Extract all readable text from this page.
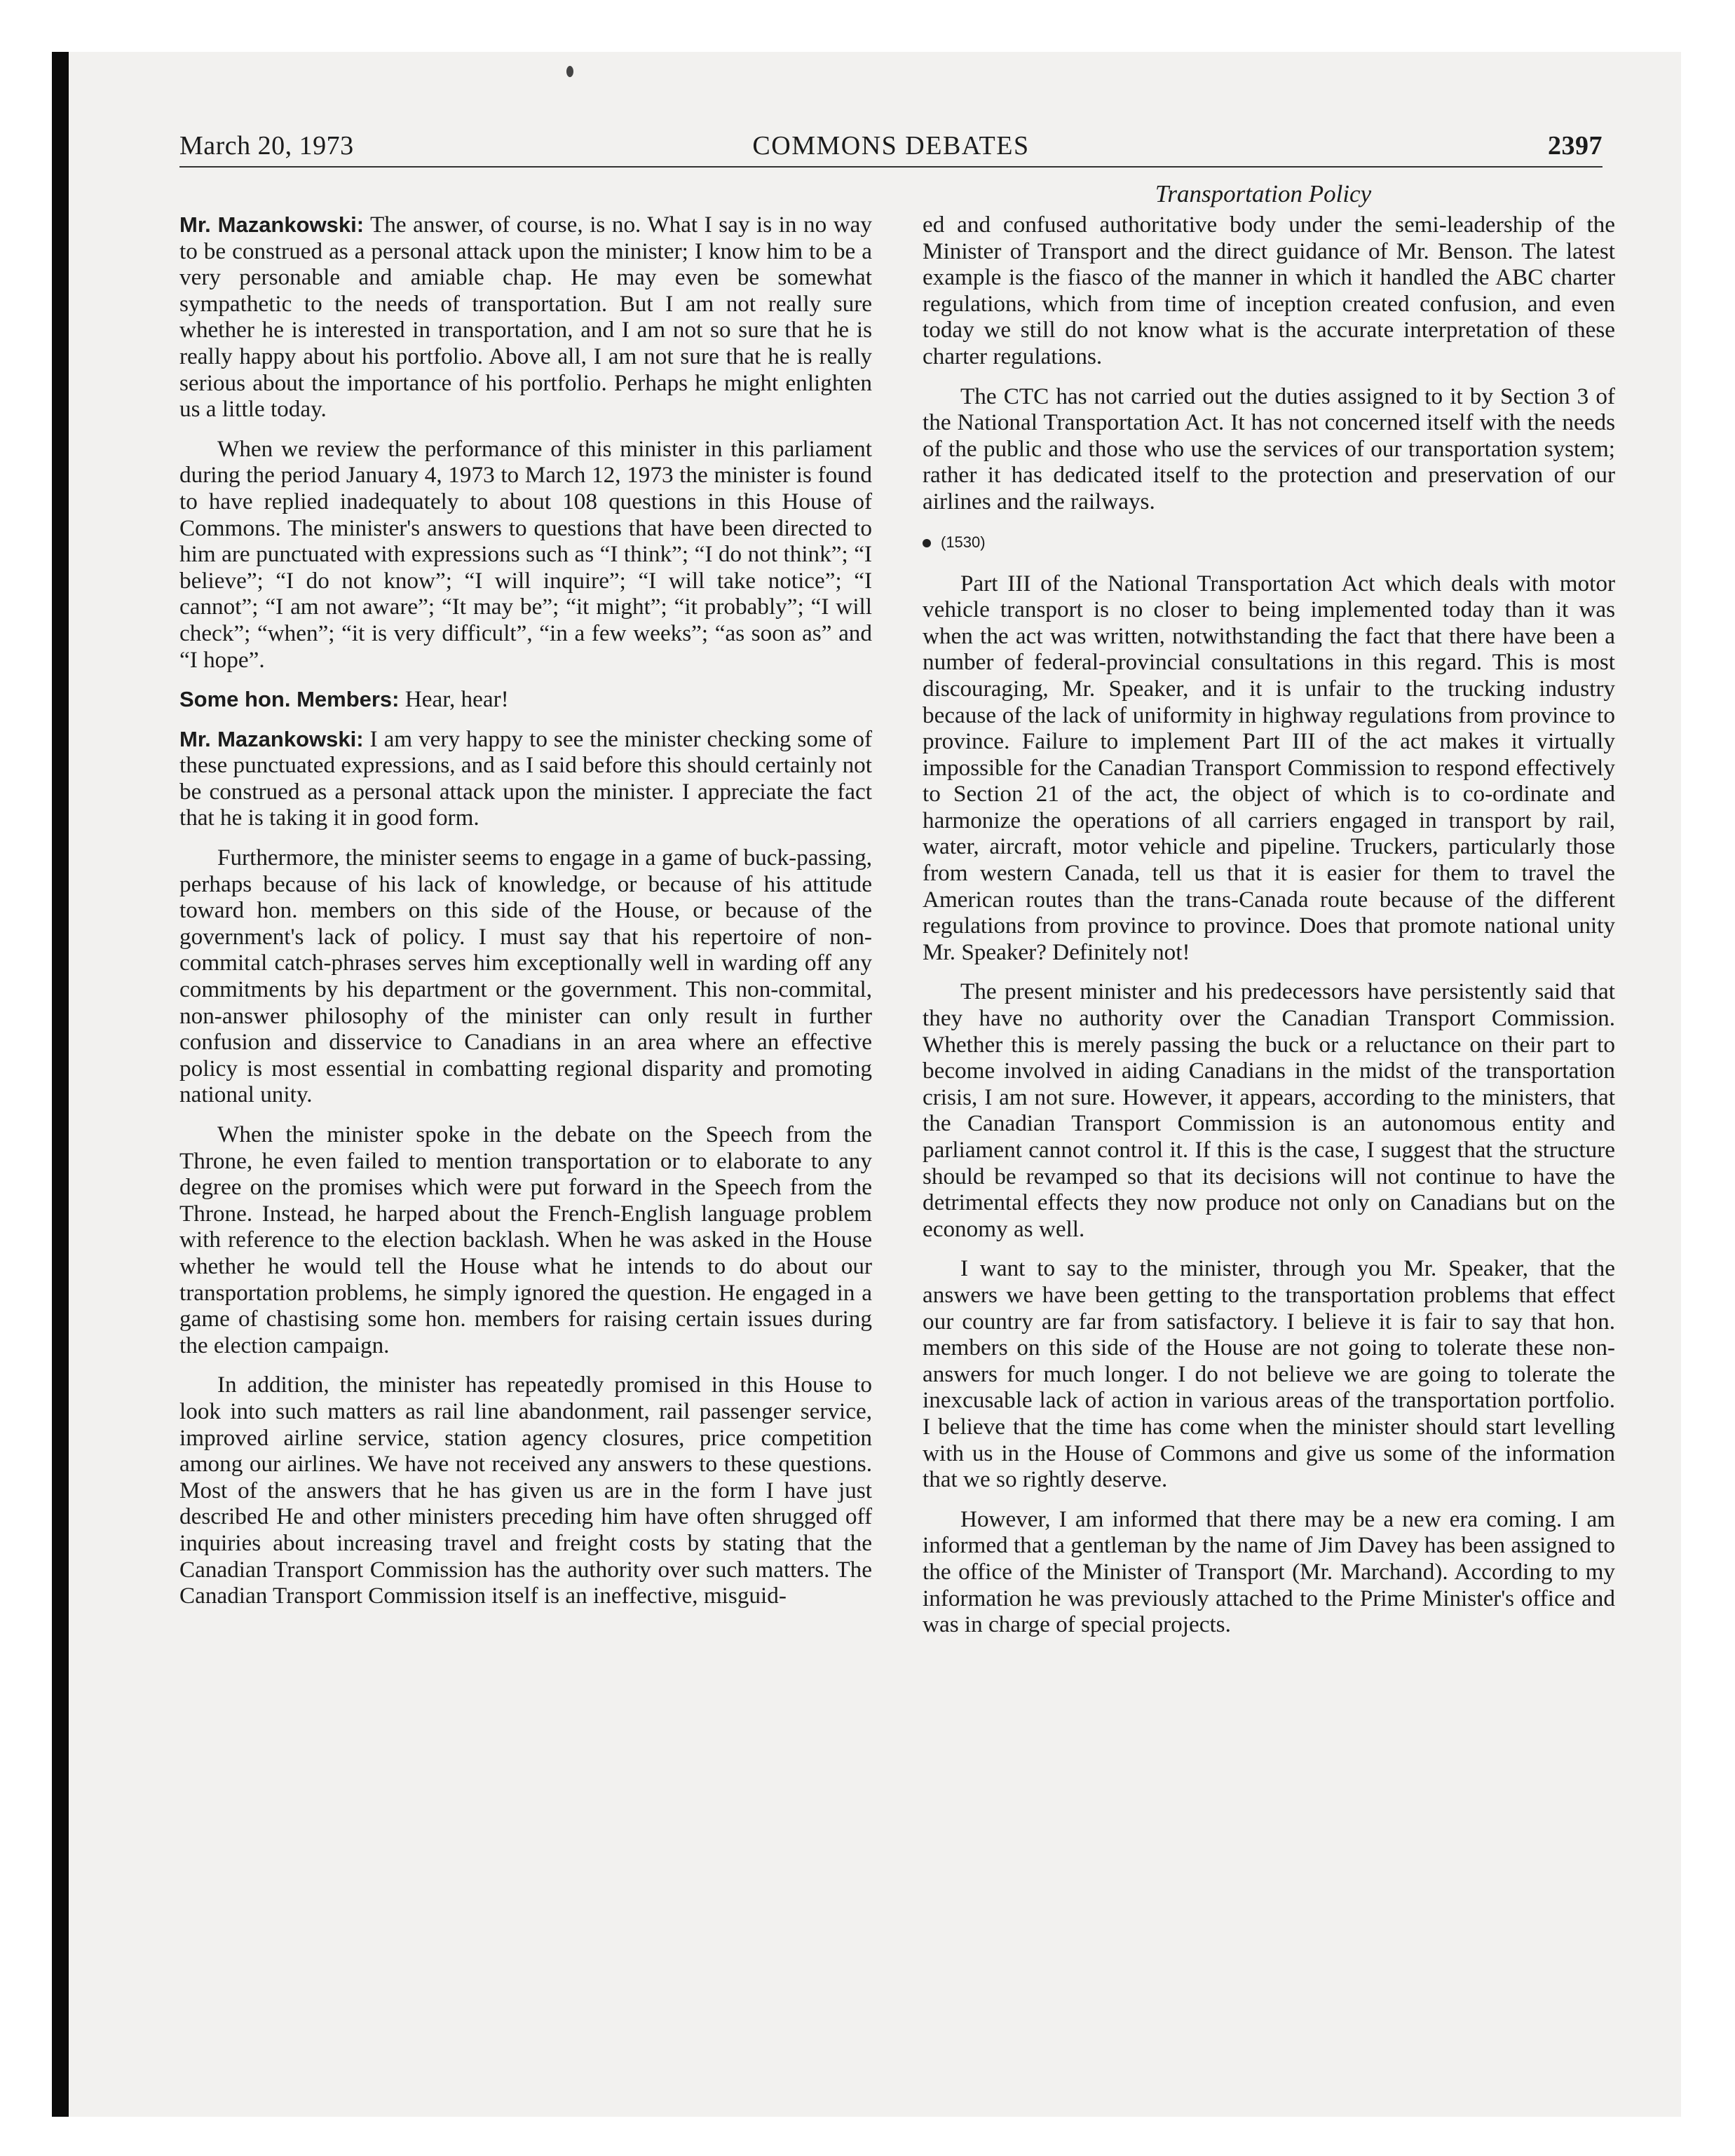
March 20, 1973	COMMONS DEBATES	2397
Transportation Policy

Mr. Mazankowski: The answer, of course, is no. What I say is in no way to be construed as a personal attack upon the minister; I know him to be a very personable and amiable chap. He may even be somewhat sympathetic to the needs of transportation. But I am not really sure whether he is interested in transportation, and I am not so sure that he is really happy about his portfolio. Above all, I am not sure that he is really serious about the importance of his portfolio. Perhaps he might enlighten us a little today.

When we review the performance of this minister in this parliament during the period January 4, 1973 to March 12, 1973 the minister is found to have replied inadequately to about 108 questions in this House of Commons. The minister's answers to questions that have been directed to him are punctuated with expressions such as “I think”; “I do not think”; “I believe”; “I do not know”; “I will inquire”; “I will take notice”; “I cannot”; “I am not aware”; “It may be”; “it might”; “it probably”; “I will check”; “when”; “it is very difficult”, “in a few weeks”; “as soon as” and “I hope”.

Some hon. Members: Hear, hear!

Mr. Mazankowski: I am very happy to see the minister checking some of these punctuated expressions, and as I said before this should certainly not be construed as a personal attack upon the minister. I appreciate the fact that he is taking it in good form.

Furthermore, the minister seems to engage in a game of buck-passing, perhaps because of his lack of knowledge, or because of his attitude toward hon. members on this side of the House, or because of the government's lack of policy. I must say that his repertoire of non-commital catch-phrases serves him exceptionally well in warding off any commitments by his department or the government. This non-commital, non-answer philosophy of the minister can only result in further confusion and disservice to Canadians in an area where an effective policy is most essential in combatting regional disparity and promoting national unity.

When the minister spoke in the debate on the Speech from the Throne, he even failed to mention transportation or to elaborate to any degree on the promises which were put forward in the Speech from the Throne. Instead, he harped about the French-English language problem with reference to the election backlash. When he was asked in the House whether he would tell the House what he intends to do about our transportation problems, he simply ignored the question. He engaged in a game of chastising some hon. members for raising certain issues during the election campaign.

In addition, the minister has repeatedly promised in this House to look into such matters as rail line abandonment, rail passenger service, improved airline service, station agency closures, price competition among our airlines. We have not received any answers to these questions. Most of the answers that he has given us are in the form I have just described He and other ministers preceding him have often shrugged off inquiries about increasing travel and freight costs by stating that the Canadian Transport Commission has the authority over such matters. The Canadian Transport Commission itself is an ineffective, misguid-

ed and confused authoritative body under the semi-leadership of the Minister of Transport and the direct guidance of Mr. Benson. The latest example is the fiasco of the manner in which it handled the ABC charter regulations, which from time of inception created confusion, and even today we still do not know what is the accurate interpretation of these charter regulations.

The CTC has not carried out the duties assigned to it by Section 3 of the National Transportation Act. It has not concerned itself with the needs of the public and those who use the services of our transportation system; rather it has dedicated itself to the protection and preservation of our airlines and the railways.

(1530)

Part III of the National Transportation Act which deals with motor vehicle transport is no closer to being implemented today than it was when the act was written, notwithstanding the fact that there have been a number of federal-provincial consultations in this regard. This is most discouraging, Mr. Speaker, and it is unfair to the trucking industry because of the lack of uniformity in highway regulations from province to province. Failure to implement Part III of the act makes it virtually impossible for the Canadian Transport Commission to respond effectively to Section 21 of the act, the object of which is to co-ordinate and harmonize the operations of all carriers engaged in transport by rail, water, aircraft, motor vehicle and pipeline. Truckers, particularly those from western Canada, tell us that it is easier for them to travel the American routes than the trans-Canada route because of the different regulations from province to province. Does that promote national unity Mr. Speaker? Definitely not!

The present minister and his predecessors have persistently said that they have no authority over the Canadian Transport Commission. Whether this is merely passing the buck or a reluctance on their part to become involved in aiding Canadians in the midst of the transportation crisis, I am not sure. However, it appears, according to the ministers, that the Canadian Transport Commission is an autonomous entity and parliament cannot control it. If this is the case, I suggest that the structure should be revamped so that its decisions will not continue to have the detrimental effects they now produce not only on Canadians but on the economy as well.

I want to say to the minister, through you Mr. Speaker, that the answers we have been getting to the transportation problems that effect our country are far from satisfactory. I believe it is fair to say that hon. members on this side of the House are not going to tolerate these non-answers for much longer. I do not believe we are going to tolerate the inexcusable lack of action in various areas of the transportation portfolio. I believe that the time has come when the minister should start levelling with us in the House of Commons and give us some of the information that we so rightly deserve.

However, I am informed that there may be a new era coming. I am informed that a gentleman by the name of Jim Davey has been assigned to the office of the Minister of Transport (Mr. Marchand). According to my information he was previously attached to the Prime Minister's office and was in charge of special projects.
